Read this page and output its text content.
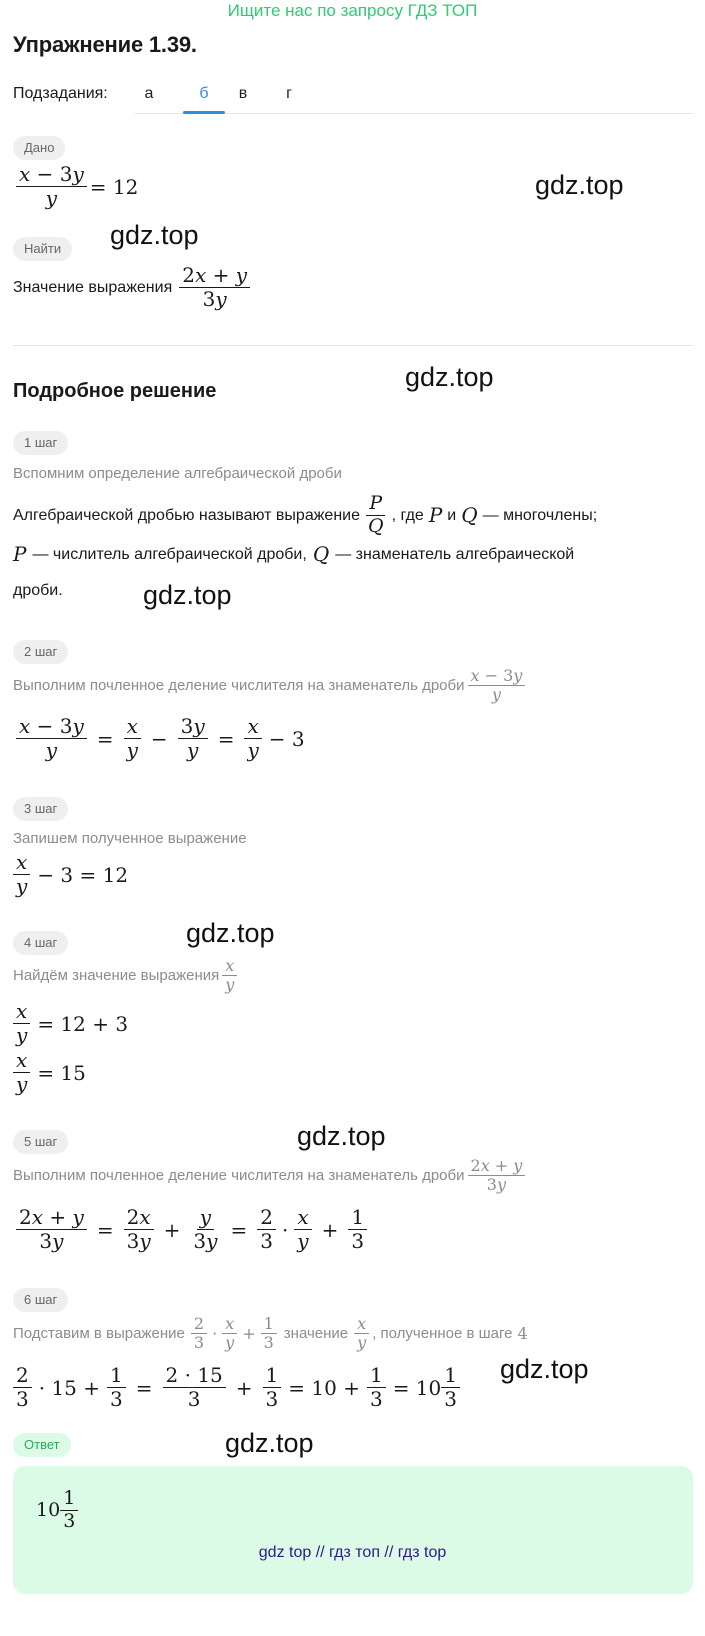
Ищите нас по запросу ГДЗ ТОП
Упражнение 1.39.
Подзадания:	а	б	в	г
Дано
$\frac{x - 3y}{y} = 12$
Найти
Значение выражения $\frac{2x + y}{3y}$
Подробное решение
1 шаг
Вспомним определение алгебраической дроби
Алгебраической дробью называют выражение $\frac{P}{Q}$ , где P и Q — многочлены;
P — числитель алгебраической дроби, Q — знаменатель алгебраической
дроби.
2 шаг
Выполним почленное деление числителя на знаменатель дроби $\frac{x - 3y}{y}$
$\frac{x - 3y}{y} = \frac{x}{y} - \frac{3y}{y} = \frac{x}{y} - 3$
3 шаг
Запишем полученное выражение
$\frac{x}{y} - 3 = 12$
4 шаг
Найдём значение выражения $\frac{x}{y}$
$\frac{x}{y} = 12 + 3$
$\frac{x}{y} = 15$
5 шаг
Выполним почленное деление числителя на знаменатель дроби $\frac{2x + y}{3y}$
$\frac{2x + y}{3y} = \frac{2x}{3y} + \frac{y}{3y} = \frac{2}{3} \cdot \frac{x}{y} + \frac{1}{3}$
6 шаг
Подставим в выражение $\frac{2}{3} \cdot \frac{x}{y} + \frac{1}{3}$ значение $\frac{x}{y}$ , полученное в шаге 4
$\frac{2}{3} \cdot 15 + \frac{1}{3} = \frac{2 \cdot 15}{3} + \frac{1}{3} = 10 + \frac{1}{3} = 10 \frac{1}{3}$
Ответ
$10 \frac{1}{3}$
gdz.top
gdz.top
gdz.top
gdz.top
gdz.top
gdz.top
gdz.top
gdz.top
gdz top // гдз топ // гдз top
